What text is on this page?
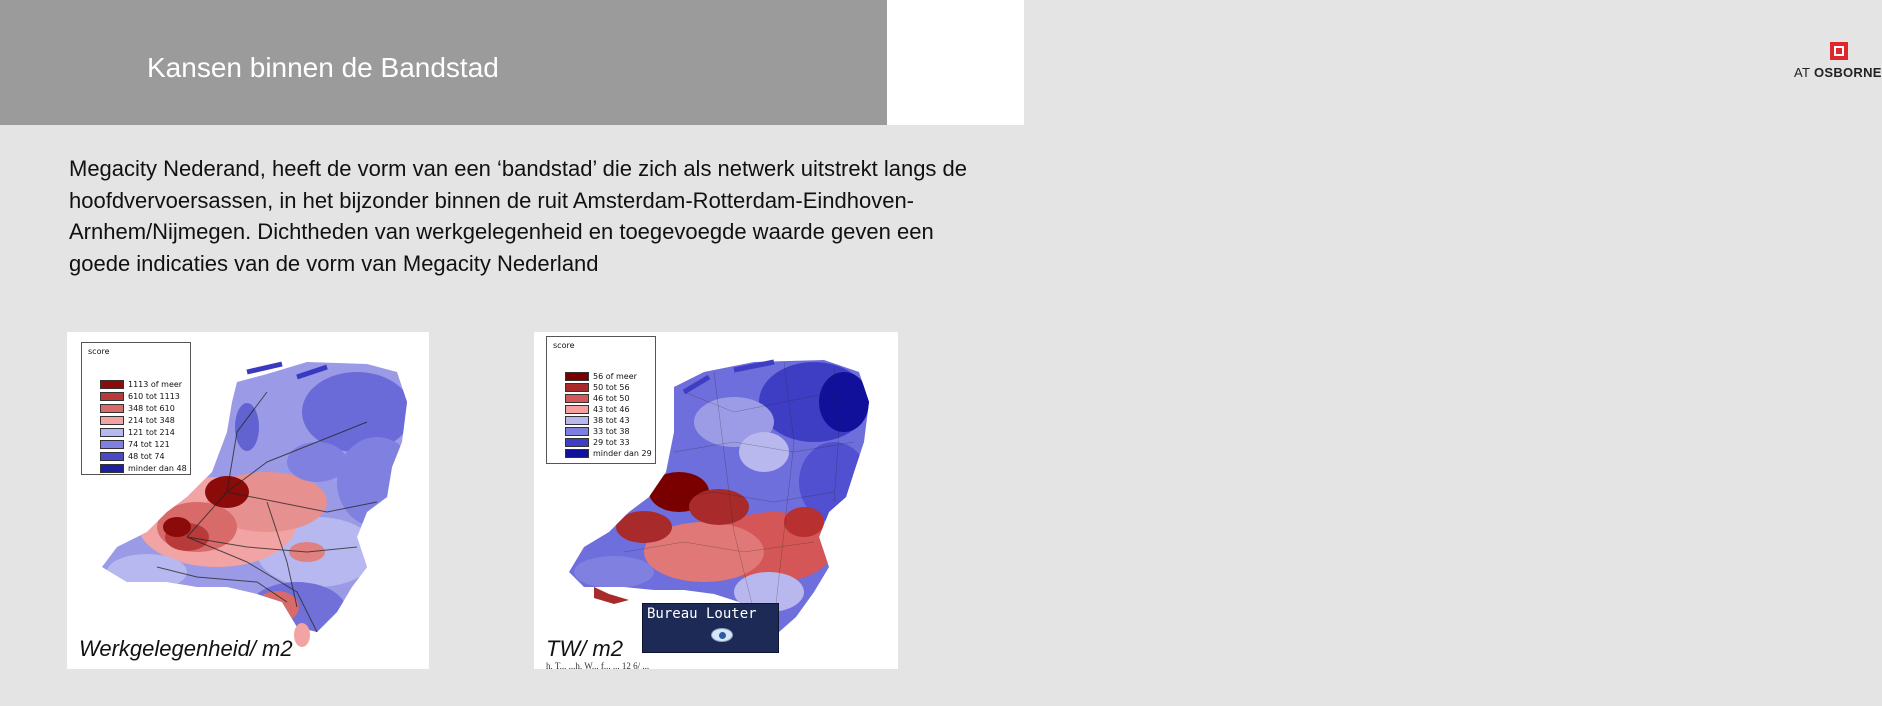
Kansen binnen de Bandstad	AT OSBORNE
Megacity Nederand, heeft de vorm van een ‘bandstad’ die zich als netwerk uitstrekt langs de hoofdvervoersassen, in het bijzonder binnen de ruit Amsterdam-Rotterdam-Eindhoven-Arnhem/Nijmegen. Dichtheden van werkgelegenheid en toegevoegde waarde geven een goede indicaties van de vorm van Megacity Nederland
score
1113 of meer
610 tot 1113
348 tot 610
214 tot 348
121 tot 214
74 tot 121
48 tot 74
minder dan 48
Werkgelegenheid/ m2
score
56 of meer
50 tot 56
46 tot 50
43 tot 46
38 tot 43
33 tot 38
29 tot 33
minder dan 29
TW/ m2
Bureau Louter
h. T... ...h. W... f... ... 12 6/ ...
